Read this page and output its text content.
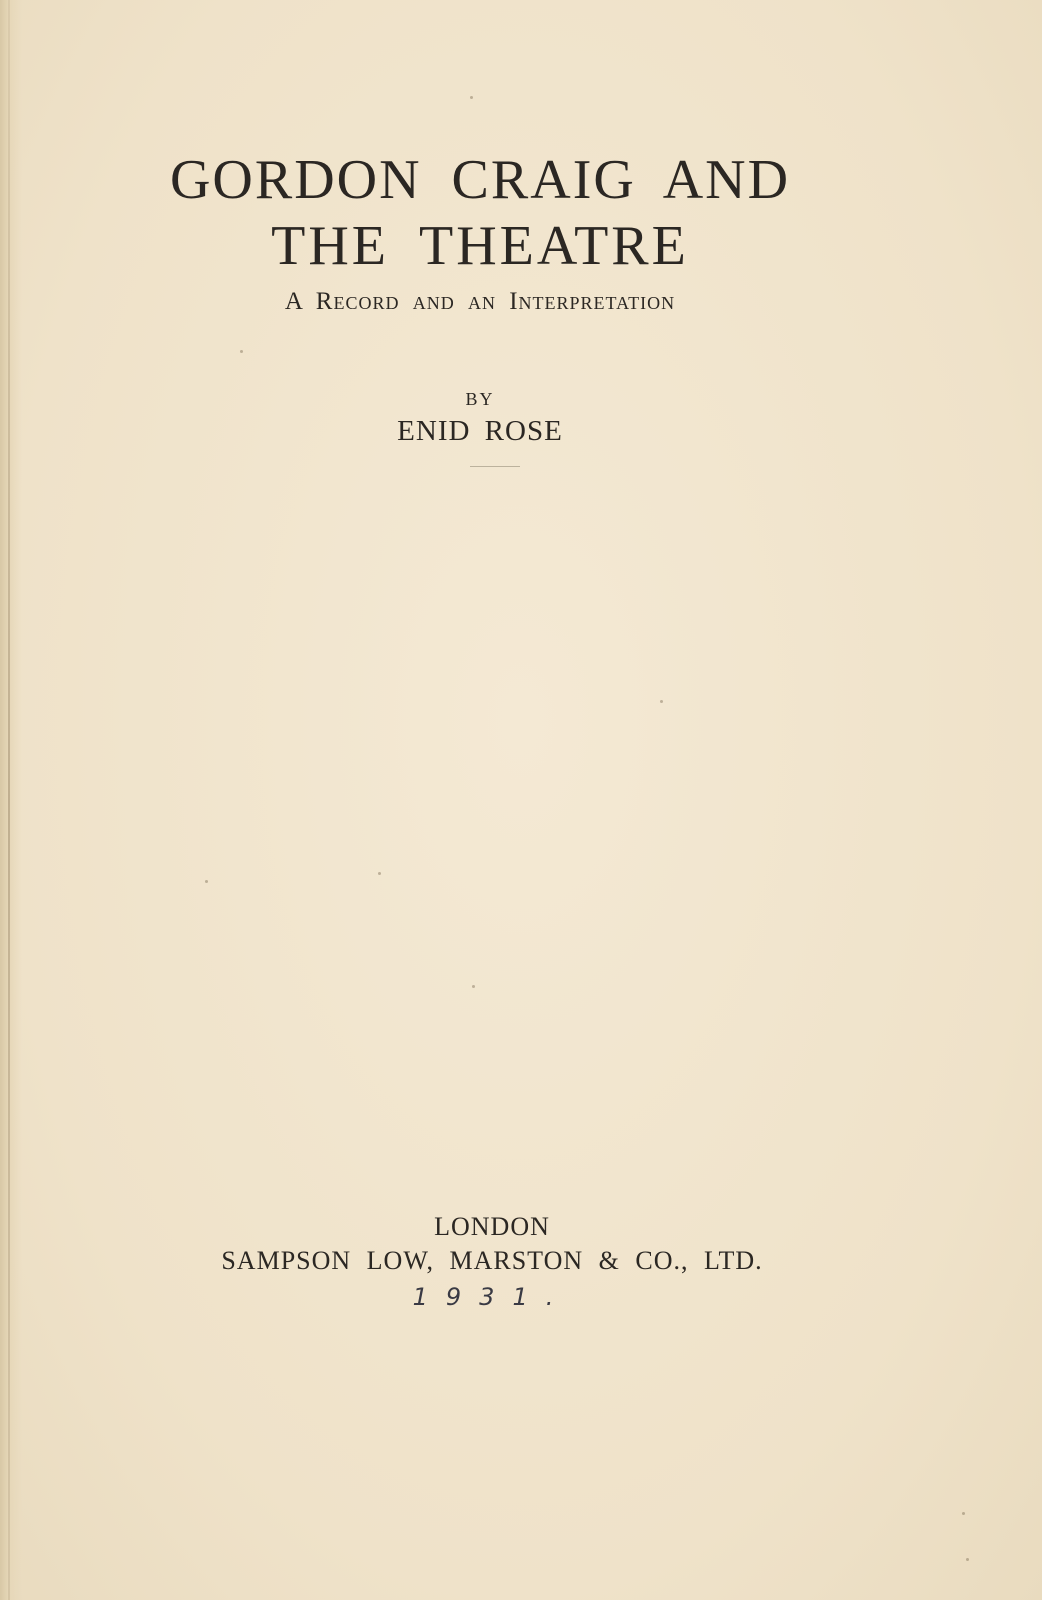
GORDON CRAIG AND
THE THEATRE
A Record and an Interpretation
BY
ENID ROSE
LONDON
SAMPSON LOW, MARSTON & CO., LTD.
1931.
